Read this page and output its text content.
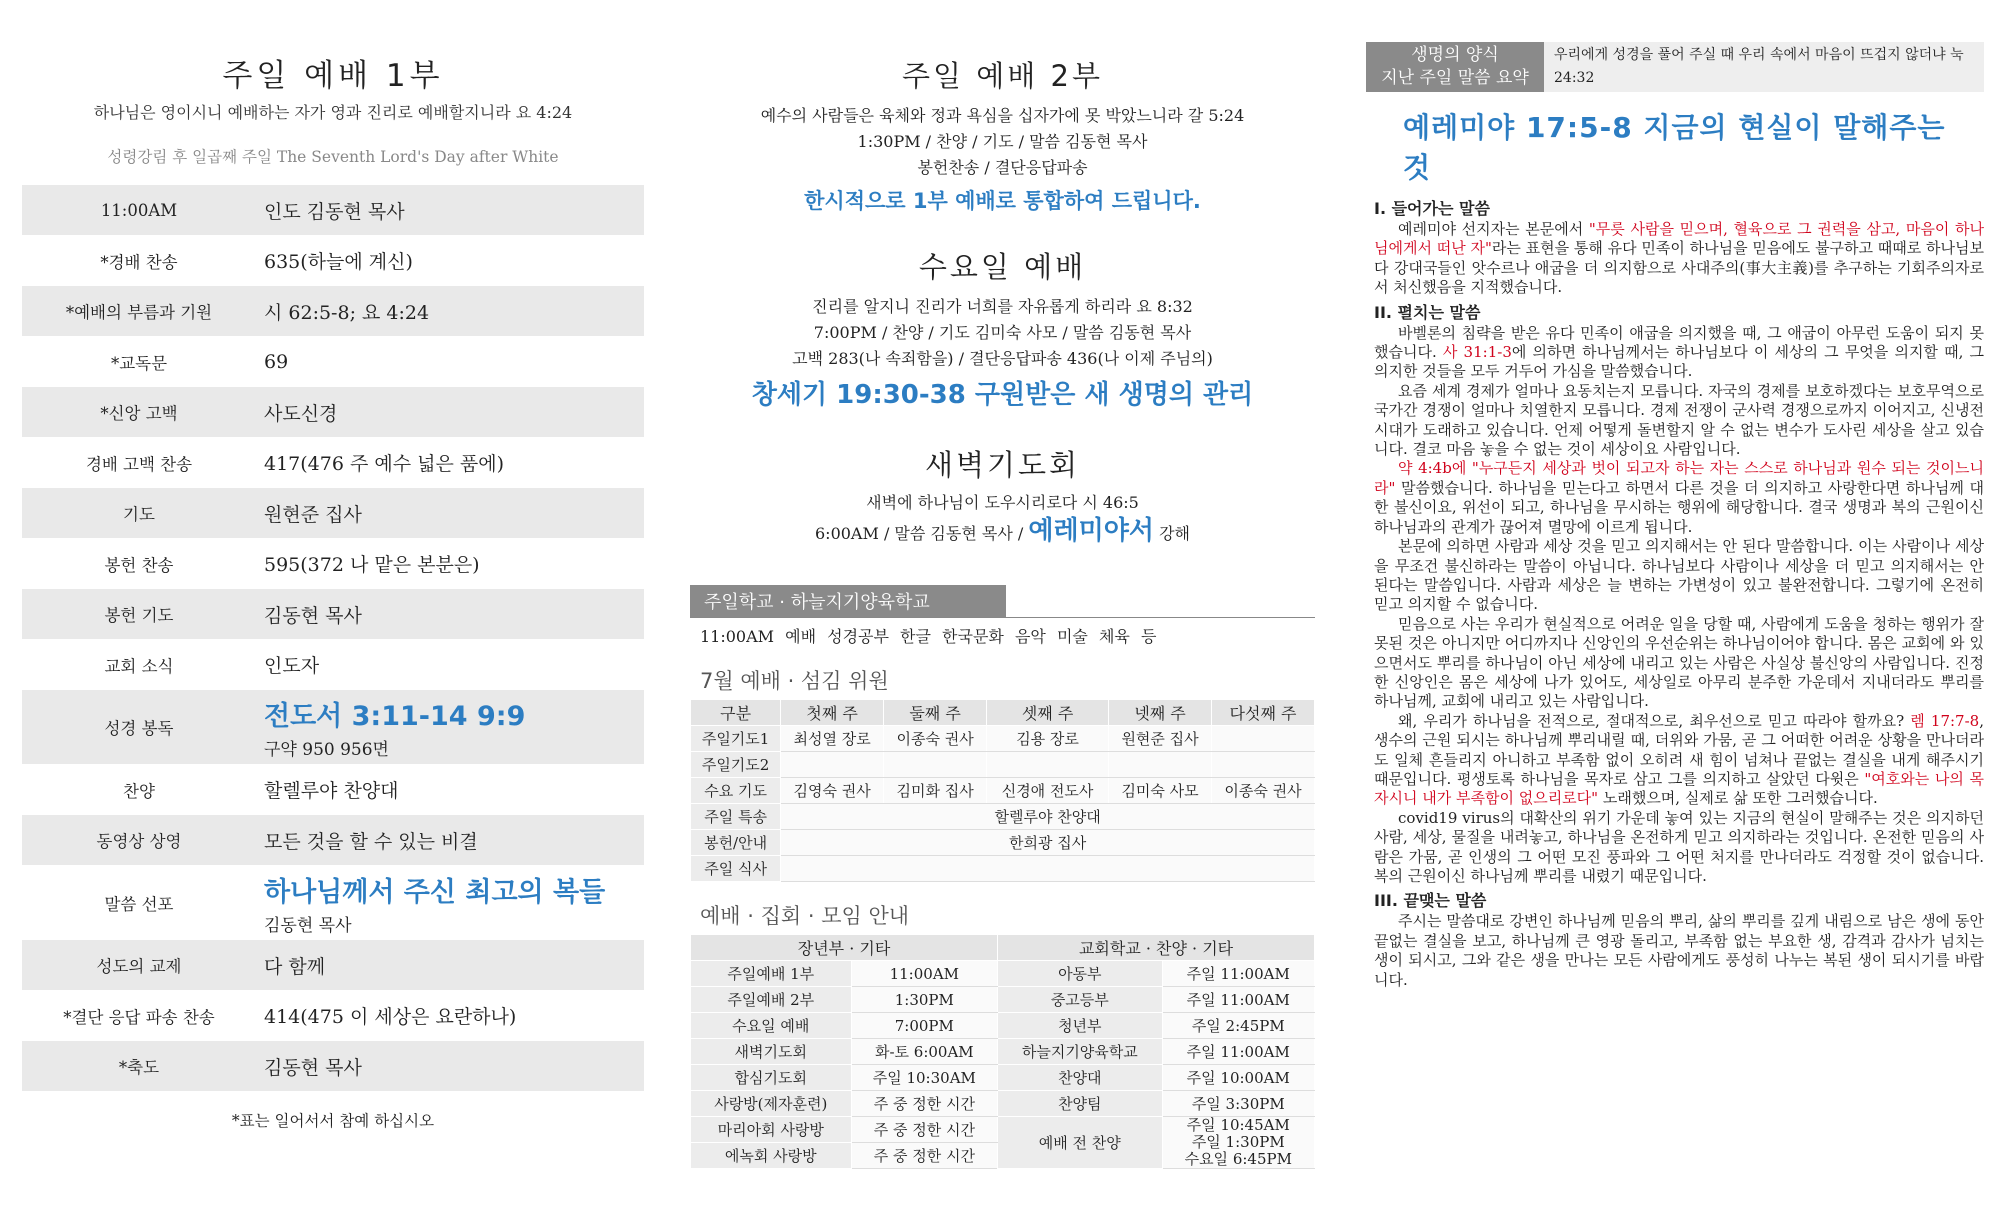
주일 예배 1부
하나님은 영이시니 예배하는 자가 영과 진리로 예배할지니라 요 4:24
성령강림 후 일곱째 주일 The Seventh Lord's Day after White
11:00AM	인도 김동현 목사
*경배 찬송	635(하늘에 계신)
*예배의 부름과 기원	시 62:5-8; 요 4:24
*교독문	69
*신앙 고백	사도신경
경배 고백 찬송	417(476 주 예수 넓은 품에)
기도	원현준 집사
봉헌 찬송	595(372 나 맡은 본분은)
봉헌 기도	김동현 목사
교회 소식	인도자
성경 봉독	전도서 3:11-14 9:9
구약 950 956면
찬양	할렐루야 찬양대
동영상 상영	모든 것을 할 수 있는 비결
말씀 선포	하나님께서 주신 최고의 복들
김동현 목사
성도의 교제	다 함께
*결단 응답 파송 찬송	414(475 이 세상은 요란하나)
*축도	김동현 목사
*표는 일어서서 참예 하십시오
주일 예배 2부
예수의 사람들은 육체와 정과 욕심을 십자가에 못 박았느니라 갈 5:24
1:30PM / 찬양 / 기도 / 말씀 김동현 목사
봉헌찬송 / 결단응답파송
한시적으로 1부 예배로 통합하여 드립니다.
수요일 예배
진리를 알지니 진리가 너희를 자유롭게 하리라 요 8:32
7:00PM / 찬양 / 기도 김미숙 사모 / 말씀 김동현 목사
고백 283(나 속죄함을) / 결단응답파송 436(나 이제 주님의)
창세기 19:30-38 구원받은 새 생명의 관리
새벽기도회
새벽에 하나님이 도우시리로다 시 46:5
6:00AM / 말씀 김동현 목사 / 예레미야서 강해
주일학교 · 하늘지기양육학교
11:00AM 예배 성경공부 한글 한국문화 음악 미술 체육 등
7월 예배 · 섬김 위원
구분	첫째 주	둘째 주	셋째 주	넷째 주	다섯째 주
주일기도1	최성열 장로	이종숙 권사	김용 장로	원현준 집사	
주일기도2					
수요 기도	김영숙 권사	김미화 집사	신경애 전도사	김미숙 사모	이종숙 권사
주일 특송	할렐루야 찬양대				
봉헌/안내	한희광 집사				
주일 식사					
예배 · 집회 · 모임 안내
장년부 · 기타		교회학교 · 찬양 · 기타	
주일예배 1부	11:00AM	아동부	주일 11:00AM
주일예배 2부	1:30PM	중고등부	주일 11:00AM
수요일 예배	7:00PM	청년부	주일 2:45PM
새벽기도회	화-토 6:00AM	하늘지기양육학교	주일 11:00AM
합심기도회	주일 10:30AM	찬양대	주일 10:00AM
사랑방(제자훈련)	주 중 정한 시간	찬양팀	주일 3:30PM
마리아회 사랑방	주 중 정한 시간	예배 전 찬양	주일 10:45AM
주일 1:30PM
수요일 6:45PM

에녹회 사랑방	주 중 정한 시간		
생명의 양식
지난 주일 말씀 요약
우리에게 성경을 풀어 주실 때 우리 속에서 마음이 뜨겁지 않더냐 눅 24:32
예레미야 17:5-8 지금의 현실이 말해주는 것
I. 들어가는 말씀

예레미야 선지자는 본문에서 "무릇 사람을 믿으며, 혈육으로 그 권력을 삼고, 마음이 하나님에게서 떠난 자"라는 표현을 통해 유다 민족이 하나님을 믿음에도 불구하고 때때로 하나님보다 강대국들인 앗수르나 애굽을 더 의지함으로 사대주의(事大主義)를 추구하는 기회주의자로서 처신했음을 지적했습니다.

II. 펼치는 말씀

바벨론의 침략을 받은 유다 민족이 애굽을 의지했을 때, 그 애굽이 아무런 도움이 되지 못했습니다. 사 31:1-3에 의하면 하나님께서는 하나님보다 이 세상의 그 무엇을 의지할 때, 그 의지한 것들을 모두 거두어 가심을 말씀했습니다.

요즘 세계 경제가 얼마나 요동치는지 모릅니다. 자국의 경제를 보호하겠다는 보호무역으로 국가간 경쟁이 얼마나 치열한지 모릅니다. 경제 전쟁이 군사력 경쟁으로까지 이어지고, 신냉전시대가 도래하고 있습니다. 언제 어떻게 돌변할지 알 수 없는 변수가 도사린 세상을 살고 있습니다. 결코 마음 놓을 수 없는 것이 세상이요 사람입니다.

약 4:4b에 "누구든지 세상과 벗이 되고자 하는 자는 스스로 하나님과 원수 되는 것이느니라" 말씀했습니다. 하나님을 믿는다고 하면서 다른 것을 더 의지하고 사랑한다면 하나님께 대한 불신이요, 위선이 되고, 하나님을 무시하는 행위에 해당합니다. 결국 생명과 복의 근원이신 하나님과의 관계가 끊어져 멸망에 이르게 됩니다.

본문에 의하면 사람과 세상 것을 믿고 의지해서는 안 된다 말씀합니다. 이는 사람이나 세상을 무조건 불신하라는 말씀이 아닙니다. 하나님보다 사람이나 세상을 더 믿고 의지해서는 안 된다는 말씀입니다. 사람과 세상은 늘 변하는 가변성이 있고 불완전합니다. 그렇기에 온전히 믿고 의지할 수 없습니다.

믿음으로 사는 우리가 현실적으로 어려운 일을 당할 때, 사람에게 도움을 청하는 행위가 잘못된 것은 아니지만 어디까지나 신앙인의 우선순위는 하나님이어야 합니다. 몸은 교회에 와 있으면서도 뿌리를 하나님이 아닌 세상에 내리고 있는 사람은 사실상 불신앙의 사람입니다. 진정한 신앙인은 몸은 세상에 나가 있어도, 세상일로 아무리 분주한 가운데서 지내더라도 뿌리를 하나님께, 교회에 내리고 있는 사람입니다.

왜, 우리가 하나님을 전적으로, 절대적으로, 최우선으로 믿고 따라야 할까요? 렘 17:7-8, 생수의 근원 되시는 하나님께 뿌리내릴 때, 더위와 가뭄, 곧 그 어떠한 어려운 상황을 만나더라도 일체 흔들리지 아니하고 부족함 없이 오히려 새 힘이 넘쳐나 끝없는 결실을 내게 해주시기 때문입니다. 평생토록 하나님을 목자로 삼고 그를 의지하고 살았던 다윗은 "여호와는 나의 목자시니 내가 부족함이 없으리로다" 노래했으며, 실제로 삶 또한 그러했습니다.

covid19 virus의 대확산의 위기 가운데 놓여 있는 지금의 현실이 말해주는 것은 의지하던 사람, 세상, 물질을 내려놓고, 하나님을 온전하게 믿고 의지하라는 것입니다. 온전한 믿음의 사람은 가뭄, 곧 인생의 그 어떤 모진 풍파와 그 어떤 처지를 만나더라도 걱정할 것이 없습니다. 복의 근원이신 하나님께 뿌리를 내렸기 때문입니다.

III. 끝맺는 말씀

주시는 말씀대로 강변인 하나님께 믿음의 뿌리, 삶의 뿌리를 깊게 내림으로 남은 생에 동안 끝없는 결실을 보고, 하나님께 큰 영광 돌리고, 부족함 없는 부요한 생, 감격과 감사가 넘치는 생이 되시고, 그와 같은 생을 만나는 모든 사람에게도 풍성히 나누는 복된 생이 되시기를 바랍니다.
